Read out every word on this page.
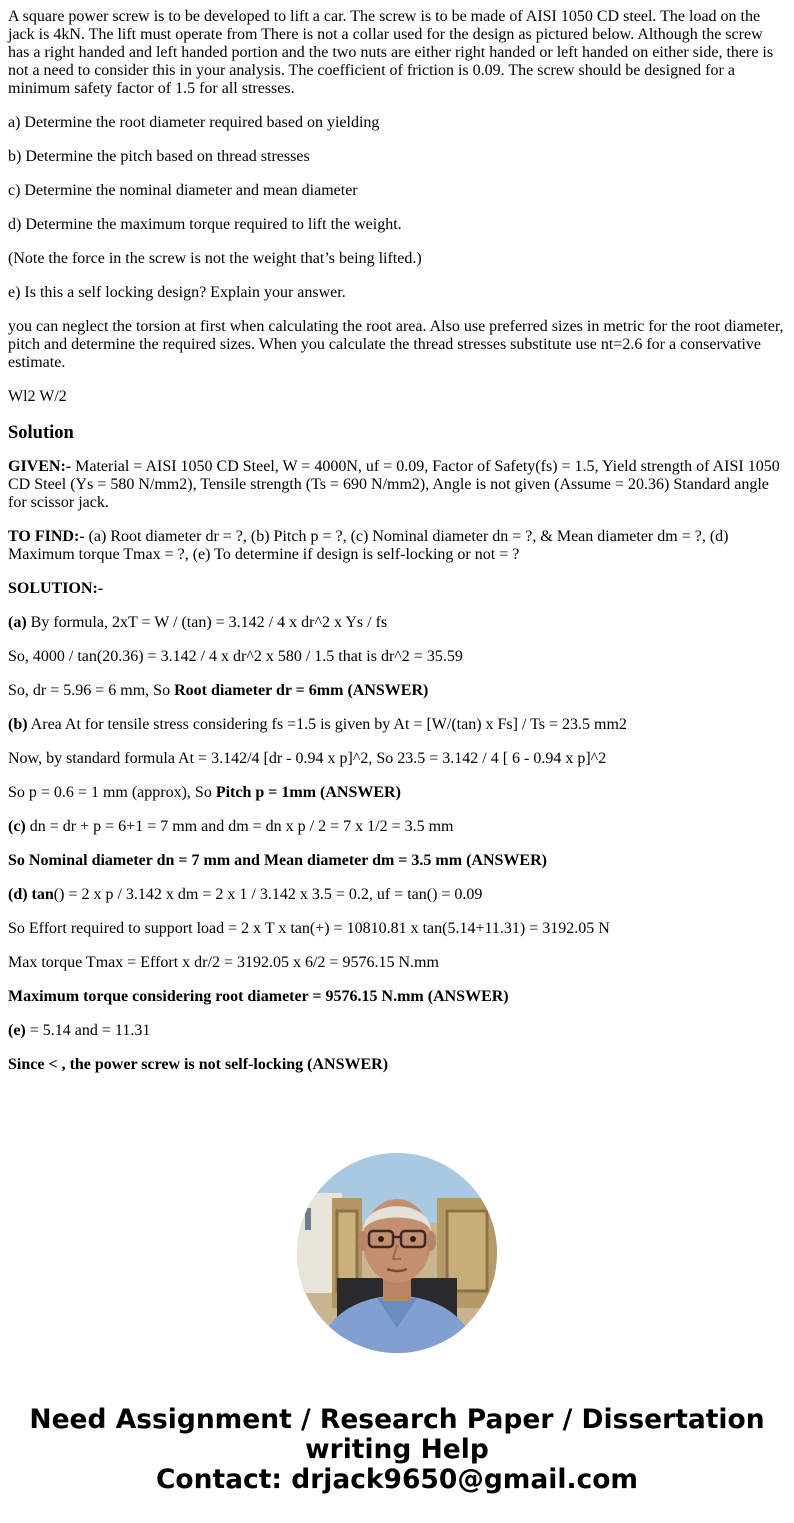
A square power screw is to be developed to lift a car. The screw is to be made of AISI 1050 CD steel. The load on the jack is 4kN. The lift must operate from There is not a collar used for the design as pictured below. Although the screw has a right handed and left handed portion and the two nuts are either right handed or left handed on either side, there is not a need to consider this in your analysis. The coefficient of friction is 0.09. The screw should be designed for a minimum safety factor of 1.5 for all stresses.

a) Determine the root diameter required based on yielding

b) Determine the pitch based on thread stresses

c) Determine the nominal diameter and mean diameter

d) Determine the maximum torque required to lift the weight.

(Note the force in the screw is not the weight that’s being lifted.)

e) Is this a self locking design? Explain your answer.

you can neglect the torsion at first when calculating the root area. Also use preferred sizes in metric for the root diameter, pitch and determine the required sizes. When you calculate the thread stresses substitute use nt=2.6 for a conservative estimate.

Wl2 W/2

Solution

GIVEN:- Material = AISI 1050 CD Steel, W = 4000N, uf = 0.09, Factor of Safety(fs) = 1.5, Yield strength of AISI 1050 CD Steel (Ys = 580 N/mm2), Tensile strength (Ts = 690 N/mm2), Angle is not given (Assume = 20.36) Standard angle for scissor jack.

TO FIND:- (a) Root diameter dr = ?, (b) Pitch p = ?, (c) Nominal diameter dn = ?, & Mean diameter dm = ?, (d) Maximum torque Tmax = ?, (e) To determine if design is self-locking or not = ?

SOLUTION:-

(a) By formula, 2xT = W / (tan) = 3.142 / 4 x dr^2 x Ys / fs

So, 4000 / tan(20.36) = 3.142 / 4 x dr^2 x 580 / 1.5 that is dr^2 = 35.59

So, dr = 5.96 = 6 mm, So Root diameter dr = 6mm (ANSWER)

(b) Area At for tensile stress considering fs =1.5 is given by At = [W/(tan) x Fs] / Ts = 23.5 mm2

Now, by standard formula At = 3.142/4 [dr - 0.94 x p]^2, So 23.5 = 3.142 / 4 [ 6 - 0.94 x p]^2

So p = 0.6 = 1 mm (approx), So Pitch p = 1mm (ANSWER)

(c) dn = dr + p = 6+1 = 7 mm and dm = dn x p / 2 = 7 x 1/2 = 3.5 mm

So Nominal diameter dn = 7 mm and Mean diameter dm = 3.5 mm (ANSWER)

(d) tan() = 2 x p / 3.142 x dm = 2 x 1 / 3.142 x 3.5 = 0.2, uf = tan() = 0.09

So Effort required to support load = 2 x T x tan(+) = 10810.81 x tan(5.14+11.31) = 3192.05 N

Max torque Tmax = Effort x dr/2 = 3192.05 x 6/2 = 9576.15 N.mm

Maximum torque considering root diameter = 9576.15 N.mm (ANSWER)

(e) = 5.14 and = 11.31

Since < , the power screw is not self-locking (ANSWER)

Need Assignment / Research Paper / Dissertation writing Help
Contact: drjack9650@gmail.com
